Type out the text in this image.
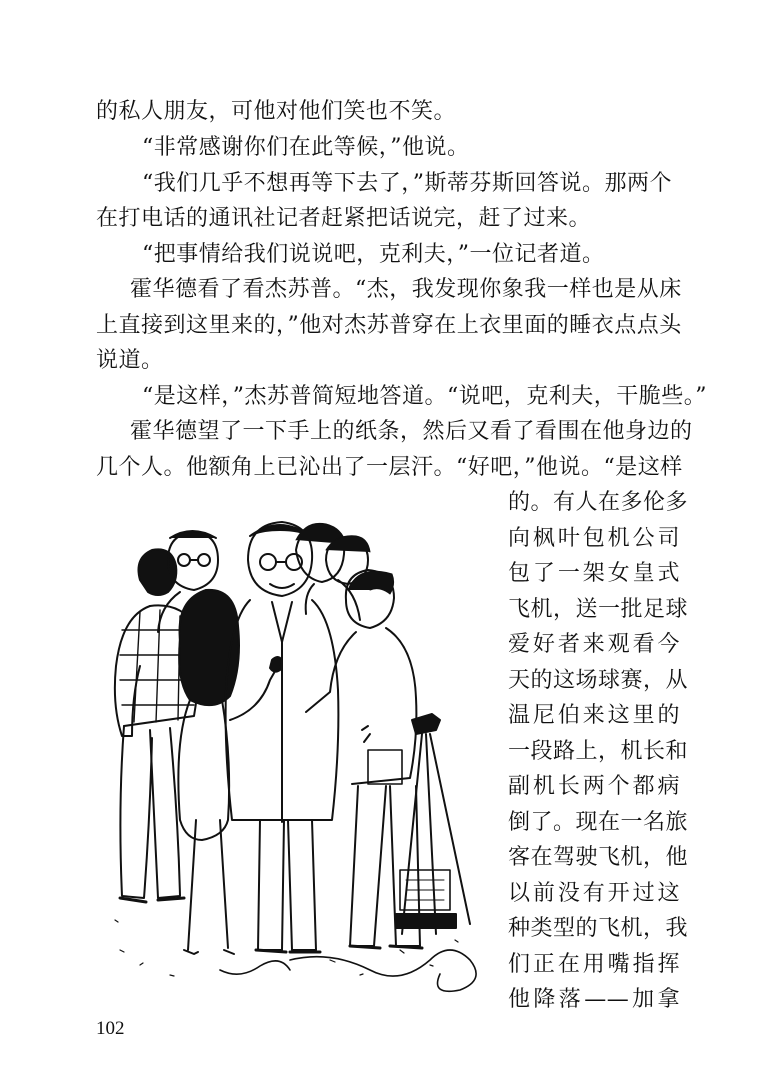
的私人朋友，可他对他们笑也不笑。
“非常感谢你们在此等候，”他说。
“我们几乎不想再等下去了，”斯蒂芬斯回答说。那两个
在打电话的通讯社记者赶紧把话说完，赶了过来。
“把事情给我们说说吧，克利夫，”一位记者道。
霍华德看了看杰苏普。“杰，我发现你象我一样也是从床
上直接到这里来的，”他对杰苏普穿在上衣里面的睡衣点点头
说道。
“是这样，”杰苏普简短地答道。“说吧，克利夫，干脆些。”
霍华德望了一下手上的纸条，然后又看了看围在他身边的
几个人。他额角上已沁出了一层汗。“好吧，”他说。“是这样
的。有人在多伦多
向枫叶包机公司
包了一架女皇式
飞机，送一批足球
爱好者来观看今
天的这场球赛，从
温尼伯来这里的
一段路上，机长和
副机长两个都病
倒了。现在一名旅
客在驾驶飞机，他
以前没有开过这
种类型的飞机，我
们正在用嘴指挥
他降落——加拿
102
